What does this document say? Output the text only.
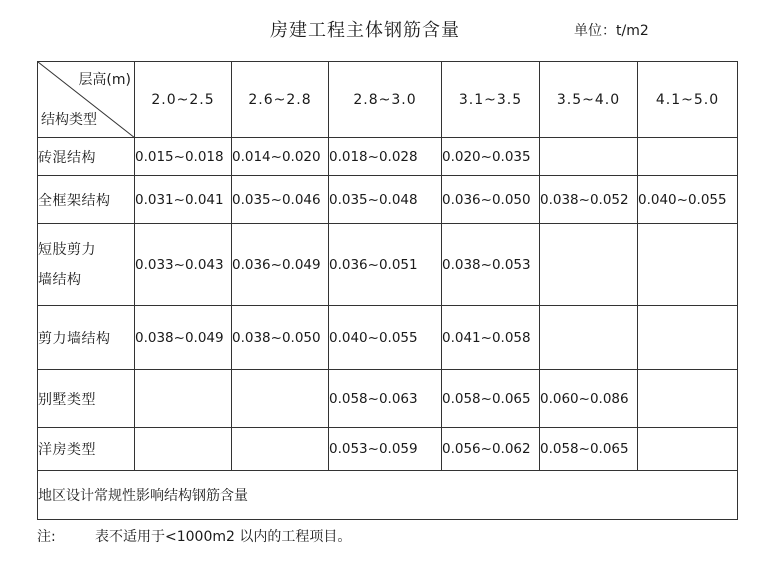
房建工程主体钢筋含量	单位：t/m2
层高(m)
结构类型	2.0~2.5	2.6~2.8	2.8~3.0	3.1~3.5	3.5~4.0	4.1~5.0
砖混结构	0.015~0.018	0.014~0.020	0.018~0.028	0.020~0.035		
全框架结构	0.031~0.041	0.035~0.046	0.035~0.048	0.036~0.050	0.038~0.052	0.040~0.055

短肢剪力
墙结构	0.033~0.043	0.036~0.049	0.036~0.051	0.038~0.053		
剪力墙结构	0.038~0.049	0.038~0.050	0.040~0.055	0.041~0.058		
别墅类型			0.058~0.063	0.058~0.065	0.060~0.086	
洋房类型			0.053~0.059	0.056~0.062	0.058~0.065	
地区设计常规性影响结构钢筋含量						
注:	表不适用于<1000m2 以内的工程项目。
